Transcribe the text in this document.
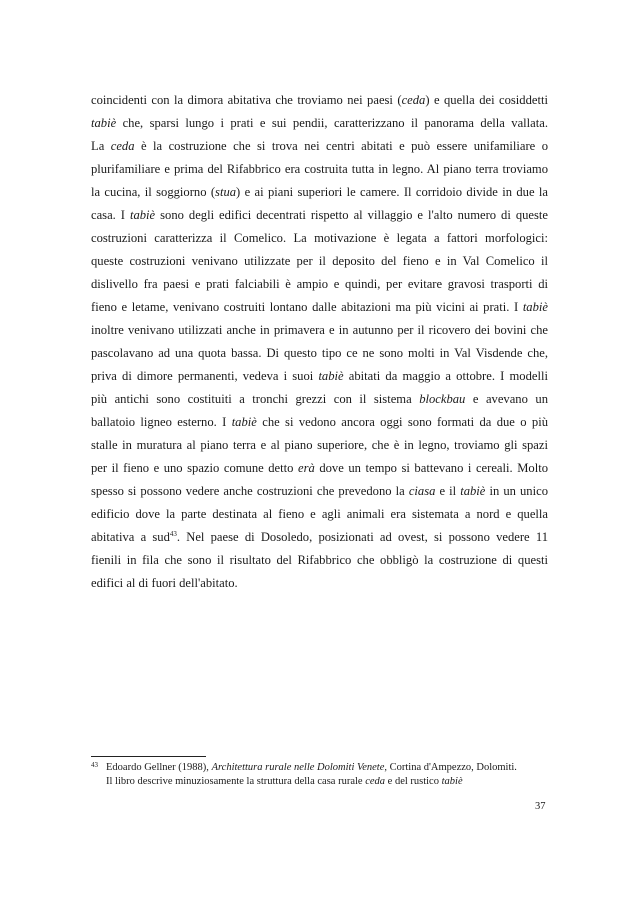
coincidenti con la dimora abitativa che troviamo nei paesi (ceda) e quella dei cosiddetti
tabiè che, sparsi lungo i prati e sui pendii, caratterizzano il panorama della vallata.
La ceda è la costruzione che si trova nei centri abitati e può essere unifamiliare o
plurifamiliare e prima del Rifabbrico era costruita tutta in legno. Al piano terra troviamo
la cucina, il soggiorno (stua) e ai piani superiori le camere. Il corridoio divide in due la
casa. I tabiè sono degli edifici decentrati rispetto al villaggio e l'alto numero di queste
costruzioni caratterizza il Comelico. La motivazione è legata a fattori morfologici:
queste costruzioni venivano utilizzate per il deposito del fieno e in Val Comelico il
dislivello fra paesi e prati falciabili è ampio e quindi, per evitare gravosi trasporti di
fieno e letame, venivano costruiti lontano dalle abitazioni ma più vicini ai prati. I tabiè
inoltre venivano utilizzati anche in primavera e in autunno per il ricovero dei bovini che
pascolavano ad una quota bassa. Di questo tipo ce ne sono molti in Val Visdende che,
priva di dimore permanenti, vedeva i suoi tabiè abitati da maggio a ottobre. I modelli
più antichi sono costituiti a tronchi grezzi con il sistema blockbau e avevano un
ballatoio ligneo esterno. I tabiè che si vedono ancora oggi sono formati da due o più
stalle in muratura al piano terra e al piano superiore, che è in legno, troviamo gli spazi
per il fieno e uno spazio comune detto erà dove un tempo si battevano i cereali. Molto
spesso si possono vedere anche costruzioni che prevedono la ciasa e il tabiè in un unico
edificio dove la parte destinata al fieno e agli animali era sistemata a nord e quella
abitativa a sud$^{43}$. Nel paese di Dosoledo, posizionati ad ovest, si possono vedere 11
fienili in fila che sono il risultato del Rifabbrico che obbligò la costruzione di questi
edifici al di fuori dell'abitato.
43 Edoardo Gellner (1988), Architettura rurale nelle Dolomiti Venete, Cortina d'Ampezzo, Dolomiti.
Il libro descrive minuziosamente la struttura della casa rurale ceda e del rustico tabiè
37
